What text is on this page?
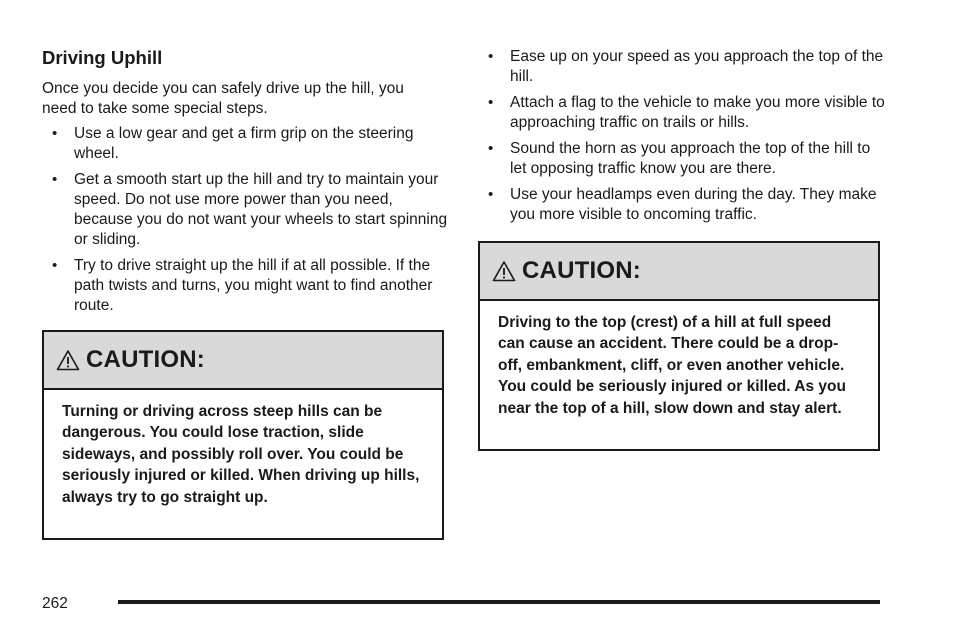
Driving Uphill

Once you decide you can safely drive up the hill, you need to take some special steps.

• Use a low gear and get a firm grip on the steering wheel.
• Get a smooth start up the hill and try to maintain your speed. Do not use more power than you need, because you do not want your wheels to start spinning or sliding.
• Try to drive straight up the hill if at all possible. If the path twists and turns, you might want to find another route.
CAUTION:
Turning or driving across steep hills can be dangerous. You could lose traction, slide sideways, and possibly roll over. You could be seriously injured or killed. When driving up hills, always try to go straight up.
• Ease up on your speed as you approach the top of the hill.
• Attach a flag to the vehicle to make you more visible to approaching traffic on trails or hills.
• Sound the horn as you approach the top of the hill to let opposing traffic know you are there.
• Use your headlamps even during the day. They make you more visible to oncoming traffic.
CAUTION:
Driving to the top (crest) of a hill at full speed can cause an accident. There could be a drop-off, embankment, cliff, or even another vehicle. You could be seriously injured or killed. As you near the top of a hill, slow down and stay alert.
262
